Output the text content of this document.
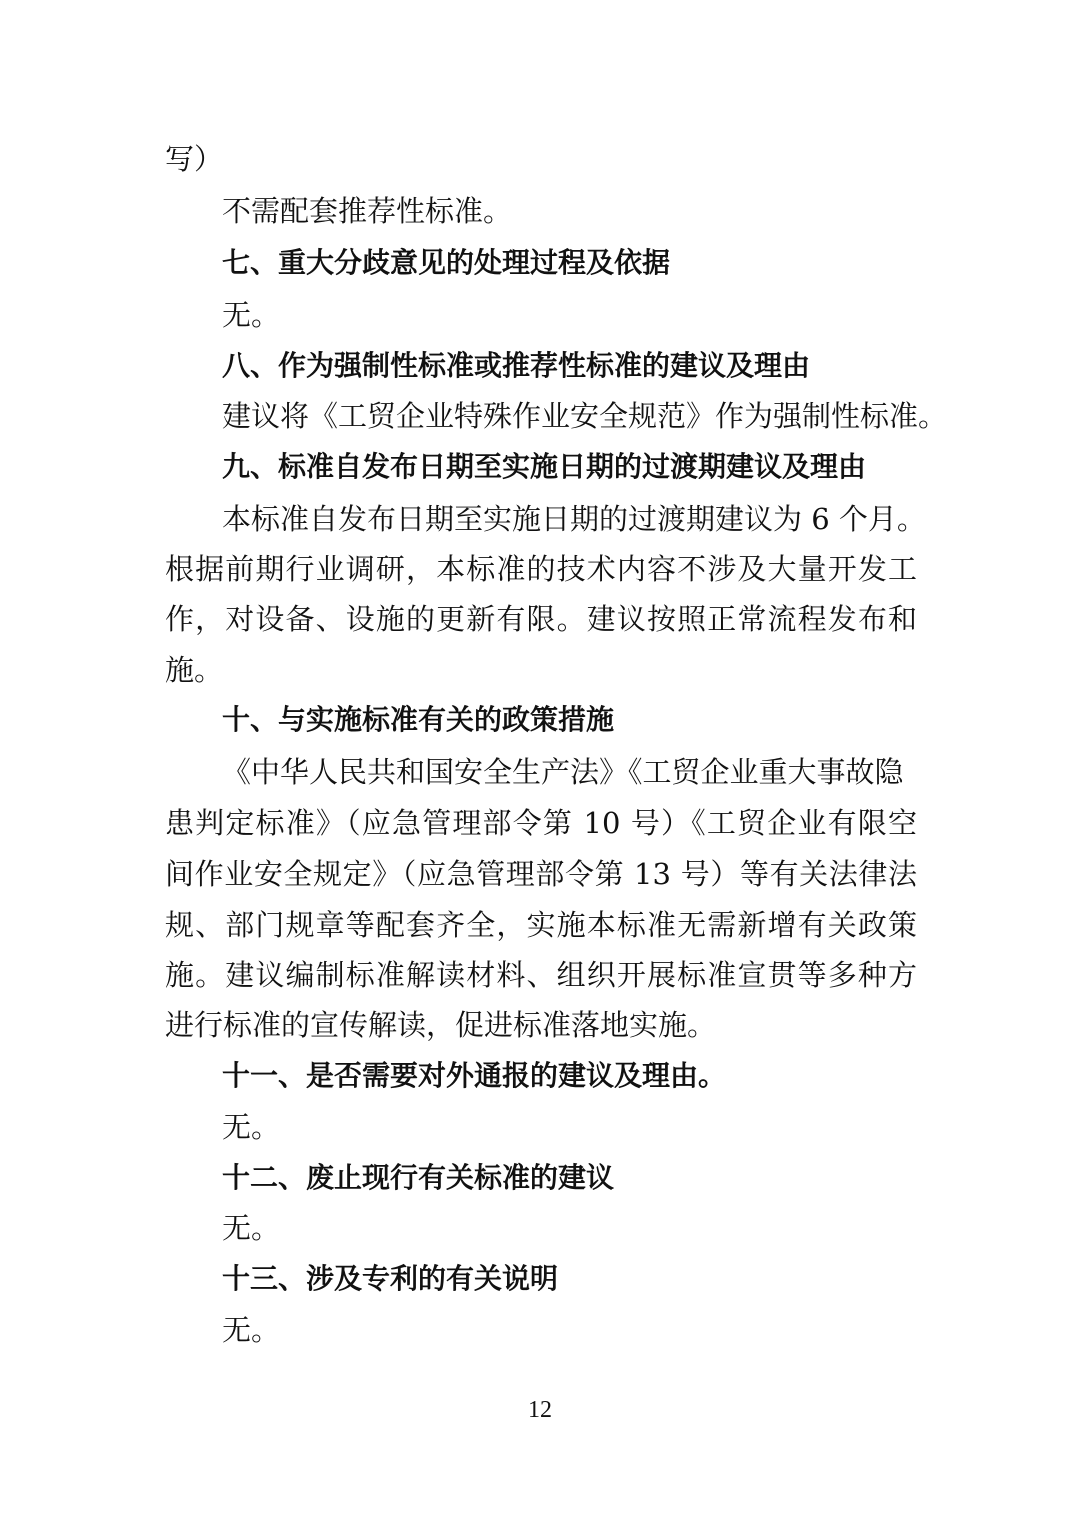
写）
不需配套推荐性标准。
七、重大分歧意见的处理过程及依据
无。
八、作为强制性标准或推荐性标准的建议及理由
建议将《工贸企业特殊作业安全规范》作为强制性标准。
九、标准自发布日期至实施日期的过渡期建议及理由
本标准自发布日期至实施日期的过渡期建议为 6 个月。
根据前期行业调研，本标准的技术内容不涉及大量开发工
作，对设备、设施的更新有限。建议按照正常流程发布和
施。
十、与实施标准有关的政策措施
《中华人民共和国安全生产法》《工贸企业重大事故隐
患判定标准》（应急管理部令第 10 号）《工贸企业有限空
间作业安全规定》（应急管理部令第 13 号）等有关法律法
规、部门规章等配套齐全，实施本标准无需新增有关政策
施。建议编制标准解读材料、组织开展标准宣贯等多种方
进行标准的宣传解读，促进标准落地实施。
十一、是否需要对外通报的建议及理由。
无。
十二、废止现行有关标准的建议
无。
十三、涉及专利的有关说明
无。
12
